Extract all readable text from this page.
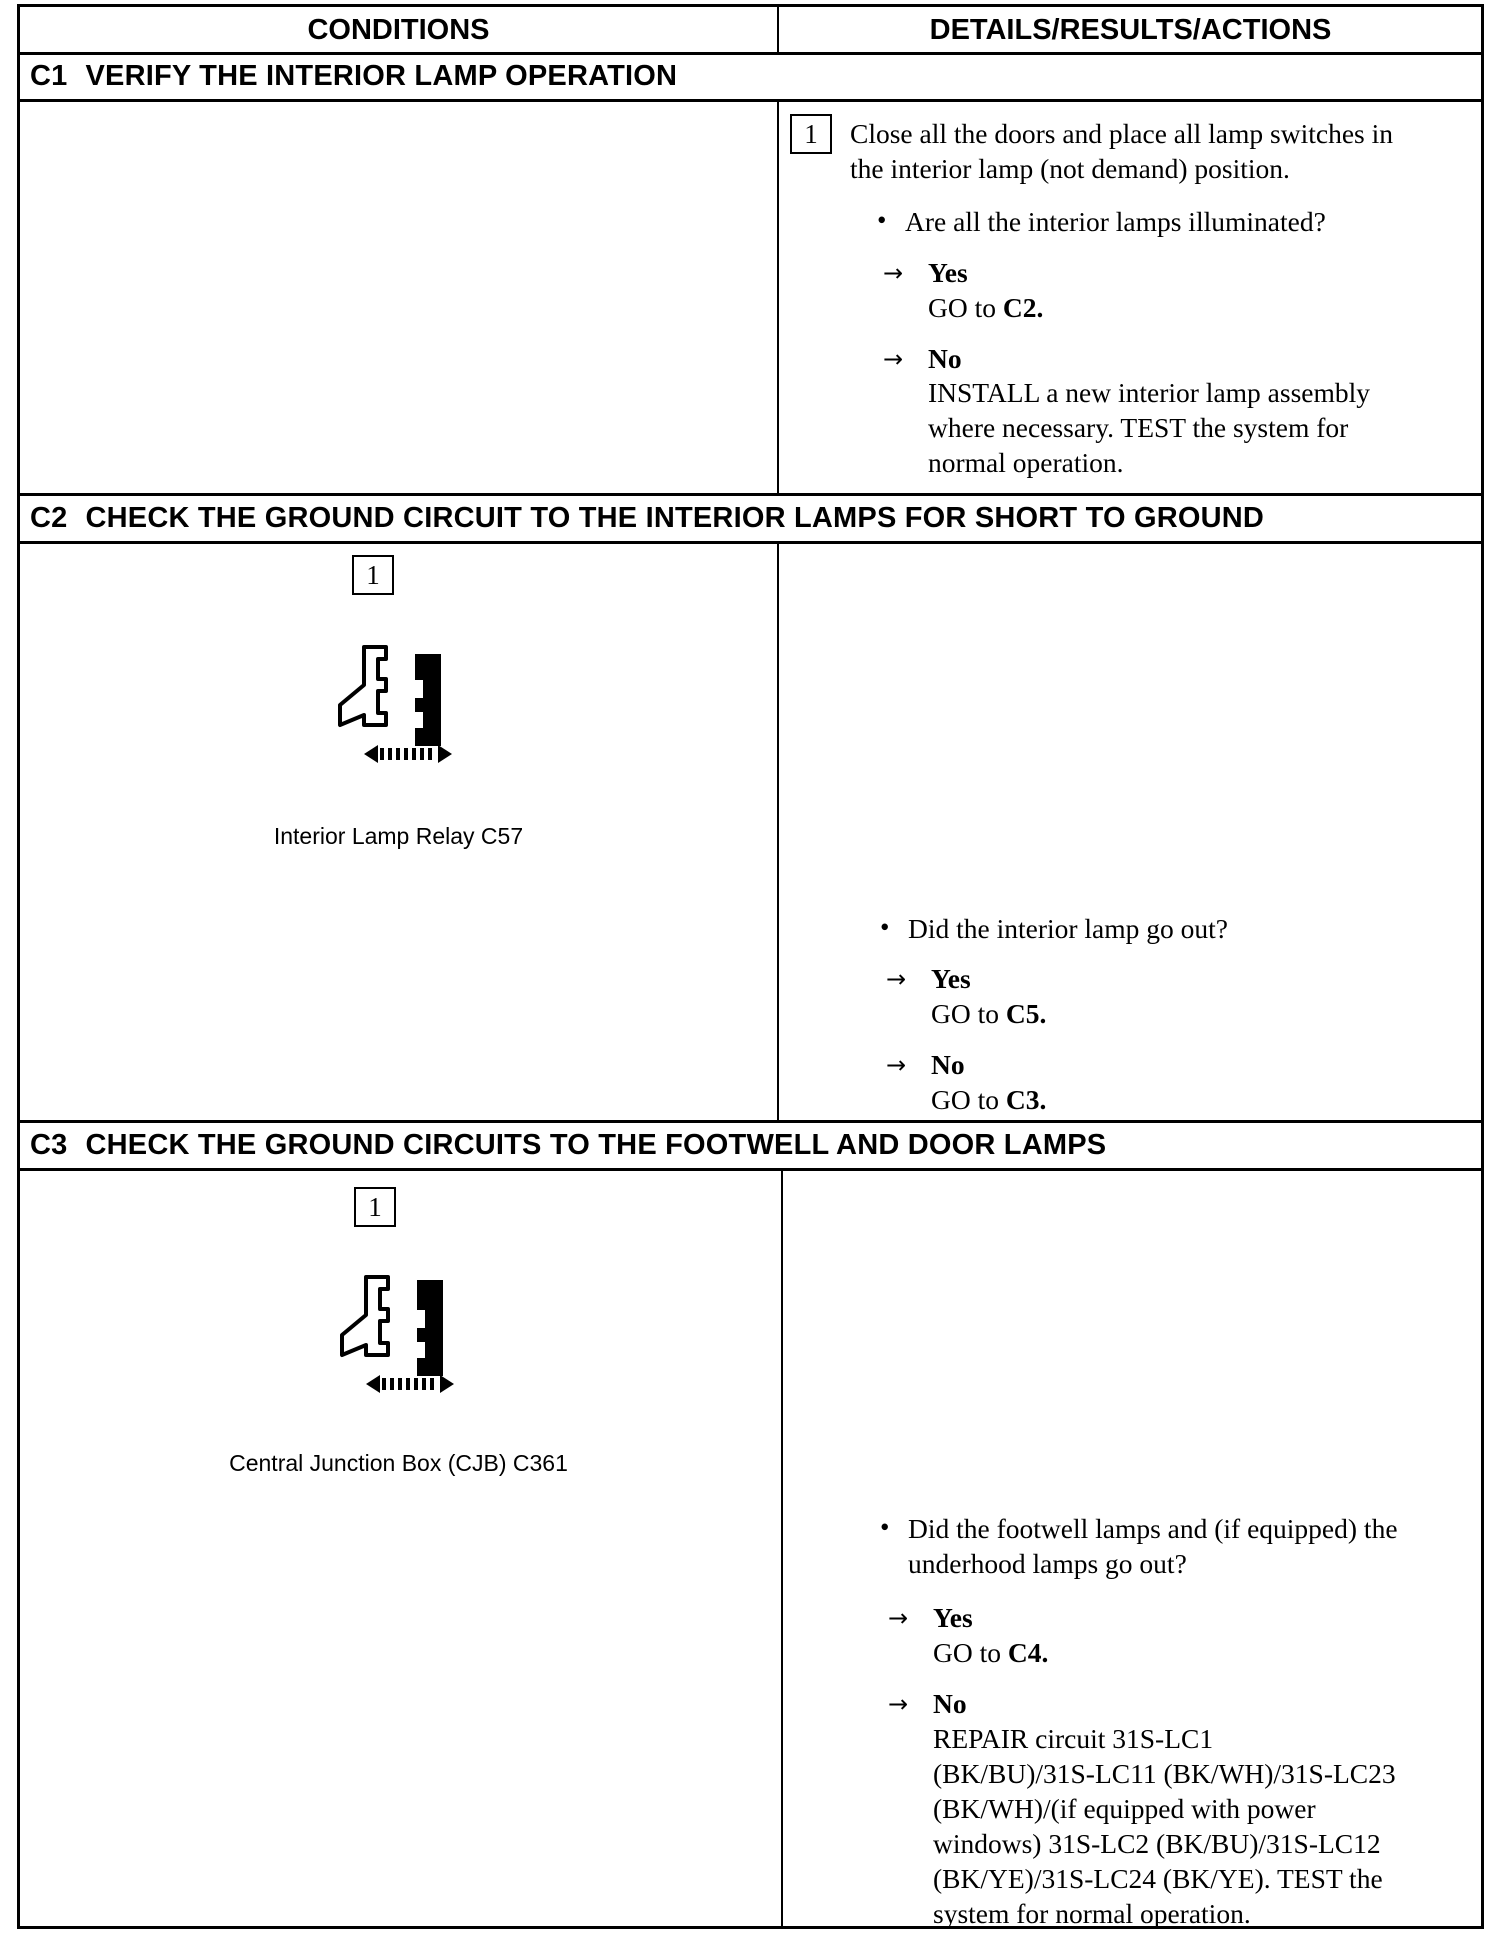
CONDITIONS	DETAILS/RESULTS/ACTIONS
C1 VERIFY THE INTERIOR LAMP OPERATION
1	Close all the doors and place all lamp switches in
the interior lamp (not demand) position.
• Are all the interior lamps illuminated?
→ Yes
GO to C2.
→ No
INSTALL a new interior lamp assembly
where necessary. TEST the system for
normal operation.
C2 CHECK THE GROUND CIRCUIT TO THE INTERIOR LAMPS FOR SHORT TO GROUND
1
Interior Lamp Relay C57
• Did the interior lamp go out?
→ Yes
GO to C5.
→ No
GO to C3.
C3 CHECK THE GROUND CIRCUITS TO THE FOOTWELL AND DOOR LAMPS
1
Central Junction Box (CJB) C361
• Did the footwell lamps and (if equipped) the
underhood lamps go out?
→ Yes
GO to C4.
→ No
REPAIR circuit 31S-LC1
(BK/BU)/31S-LC11 (BK/WH)/31S-LC23
(BK/WH)/(if equipped with power
windows) 31S-LC2 (BK/BU)/31S-LC12
(BK/YE)/31S-LC24 (BK/YE). TEST the
system for normal operation.
